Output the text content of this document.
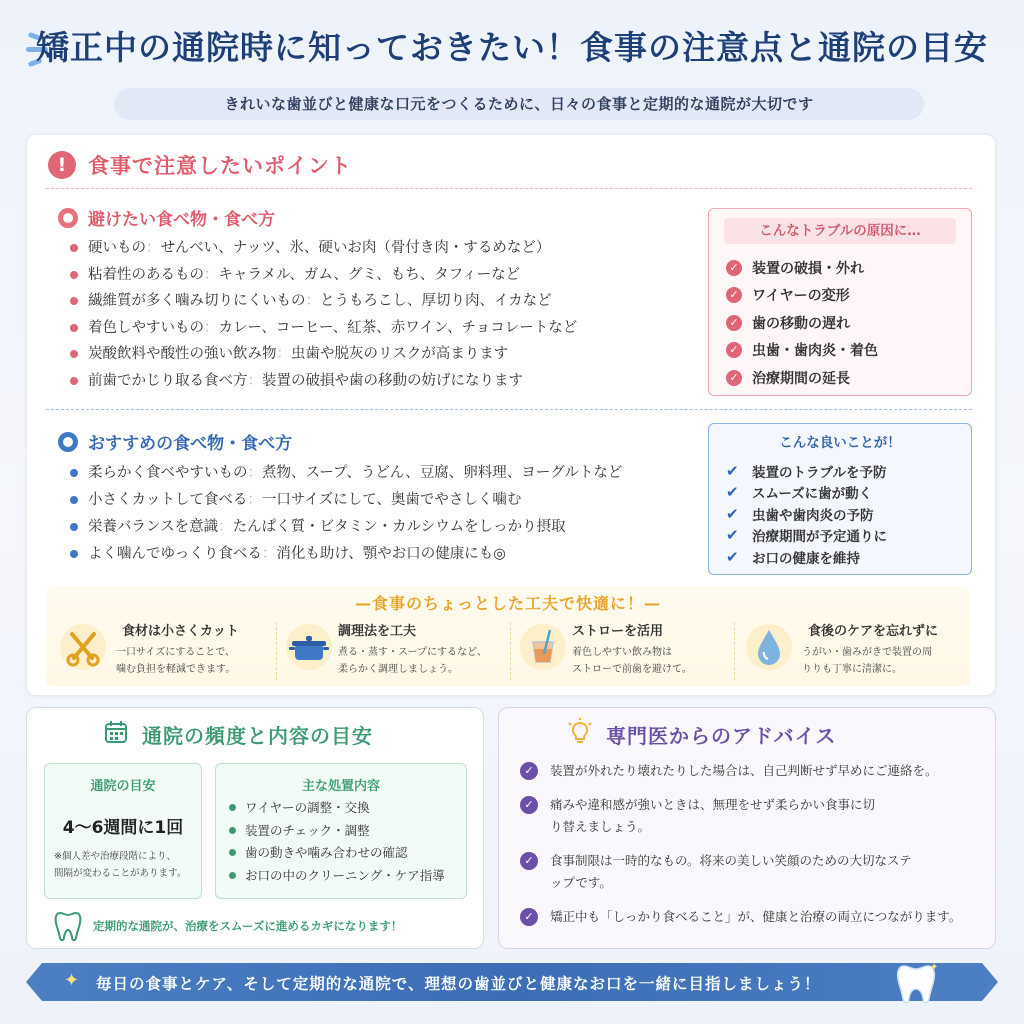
矯正中の通院時に知っておきたい！食事の注意点と通院の目安
きれいな歯並びと健康な口元をつくるために、日々の食事と定期的な通院が大切です
!	食事で注意したいポイント
避けたい食べ物・食べ方
硬いもの：せんべい、ナッツ、氷、硬いお肉（骨付き肉・するめなど）
粘着性のあるもの：キャラメル、ガム、グミ、もち、タフィーなど
繊維質が多く噛み切りにくいもの：とうもろこし、厚切り肉、イカなど
着色しやすいもの：カレー、コーヒー、紅茶、赤ワイン、チョコレートなど
炭酸飲料や酸性の強い飲み物：虫歯や脱灰のリスクが高まります
前歯でかじり取る食べ方：装置の破損や歯の移動の妨げになります
こんなトラブルの原因に…
✓ 装置の破損・外れ
✓ ワイヤーの変形
✓ 歯の移動の遅れ
✓ 虫歯・歯肉炎・着色
✓ 治療期間の延長
おすすめの食べ物・食べ方
柔らかく食べやすいもの：煮物、スープ、うどん、豆腐、卵料理、ヨーグルトなど
小さくカットして食べる：一口サイズにして、奥歯でやさしく噛む
栄養バランスを意識：たんぱく質・ビタミン・カルシウムをしっかり摂取
よく噛んでゆっくり食べる：消化も助け、顎やお口の健康にも◎
こんな良いことが！
✔ 装置のトラブルを予防
✔ スムーズに歯が動く
✔ 虫歯や歯肉炎の予防
✔ 治療期間が予定通りに
✔ お口の健康を維持
—食事のちょっとした工夫で快適に！—
食材は小さくカット
一口サイズにすることで、
噛む負担を軽減できます。
調理法を工夫
煮る・蒸す・スープにするなど、
柔らかく調理しましょう。
ストローを活用
着色しやすい飲み物は
ストローで前歯を避けて。
食後のケアを忘れずに
うがい・歯みがきで装置の周
りりも丁寧に清潔に。
通院の頻度と内容の目安
通院の目安
4〜6週間に1回
※個人差や治療段階により、
間隔が変わることがあります。
主な処置内容
ワイヤーの調整・交換
装置のチェック・調整
歯の動きや噛み合わせの確認
お口の中のクリーニング・ケア指導
定期的な通院が、治療をスムーズに進めるカギになります！
専門医からのアドバイス
✓	装置が外れたり壊れたりした場合は、自己判断せず早めにご連絡を。
✓	痛みや違和感が強いときは、無理をせず柔らかい食事に切
り替えましょう。
✓	食事制限は一時的なもの。将来の美しい笑顔のための大切なステ
ップです。
✓	矯正中も「しっかり食べること」が、健康と治療の両立につながります。
✦ 毎日の食事とケア、そして定期的な通院で、理想の歯並びと健康なお口を一緒に目指しましょう！
✦
